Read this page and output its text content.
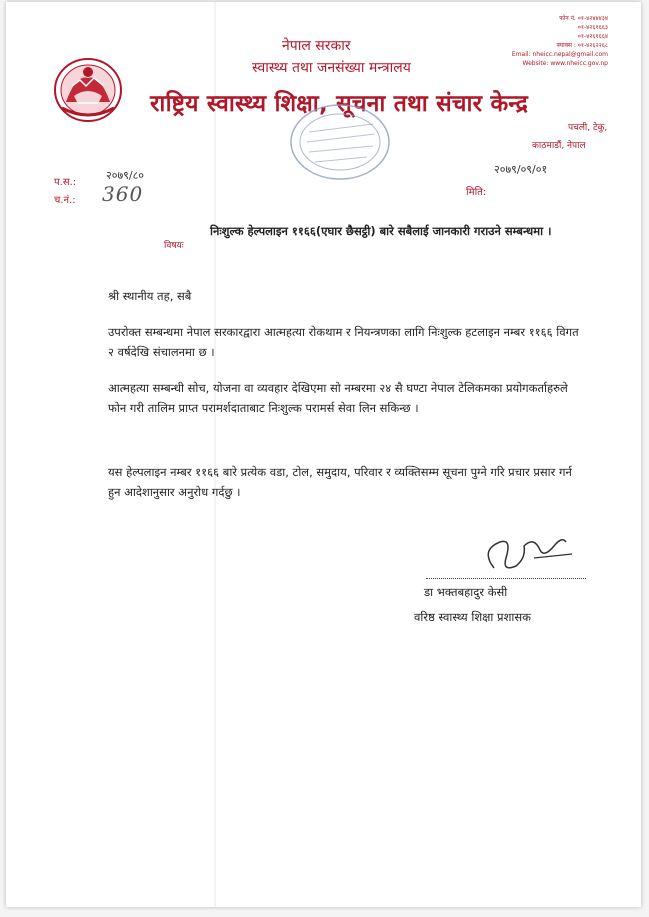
नेपाल सरकार
स्वास्थ्य तथा जनसंख्या मन्त्रालय
राष्ट्रिय स्वास्थ्य शिक्षा, सूचना तथा संचार केन्द्र
फोन नं. ०१-४२४४४३४
०१-४२६१६६३
०१-४२६१६६४
फ्याक्स : ०१-४२६२२६८
Email: nheicc.nepal@gmail.com
Website: www.nheicc.gov.np
पचली, टेकु,
काठमाडौं, नेपाल
प.स.:
२०७९/८०
च.नं.: 360
२०७९/०९/०१
मिति:
विषयः
निःशुल्क हेल्पलाइन ११६६(एघार छैसट्ठी) बारे सबैलाई जानकारी गराउने सम्बन्धमा ।
श्री स्थानीय तह, सबै
उपरोक्त सम्बन्धमा नेपाल सरकारद्वारा आत्महत्या रोकथाम र नियन्त्रणका लागि निःशुल्क हटलाइन नम्बर ११६६ विगत २ वर्षदेखि संचालनमा छ ।
आत्महत्या सम्बन्धी सोच, योजना वा व्यवहार देखिएमा सो नम्बरमा २४ सै घण्टा नेपाल टेलिकमका प्रयोगकर्ताहरुले फोन गरी तालिम प्राप्त परामर्शदाताबाट निःशुल्क परामर्स सेवा लिन सकिन्छ ।
यस हेल्पलाइन नम्बर ११६६ बारे प्रत्येक वडा, टोल, समुदाय, परिवार र व्यक्तिसम्म सूचना पुग्ने गरि प्रचार प्रसार गर्न हुन आदेशानुसार अनुरोध गर्दछु ।
डा भक्तबहादुर केसी
वरिष्ठ स्वास्थ्य शिक्षा प्रशासक
